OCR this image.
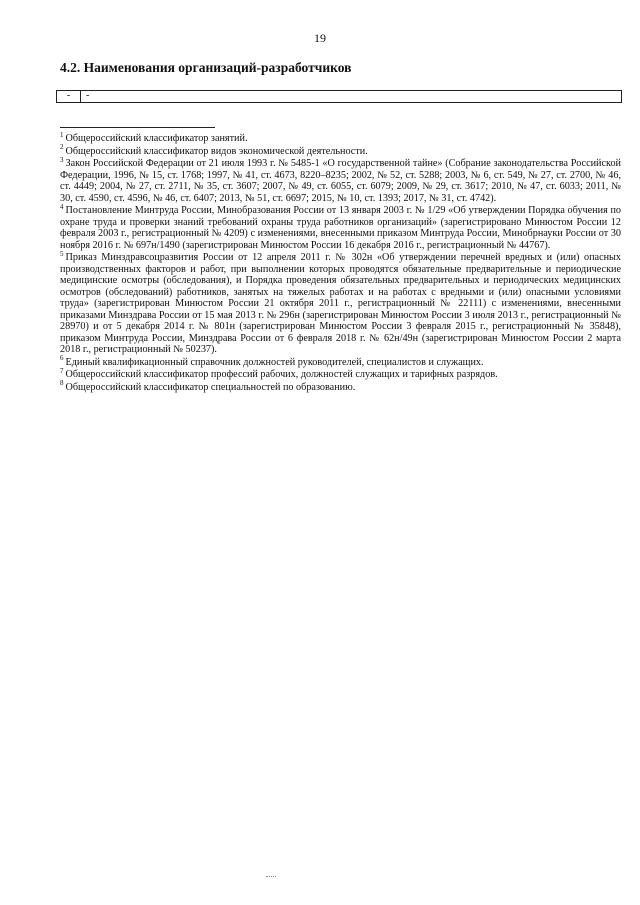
19
4.2. Наименования организаций-разработчиков
-	-

$^1$ Общероссийский классификатор занятий.

$^2$ Общероссийский классификатор видов экономической деятельности.

$^3$ Закон Российской Федерации от 21 июля 1993 г. № 5485-1 «О государственной тайне» (Собрание законодательства Российской Федерации, 1996, № 15, ст. 1768; 1997, № 41, ст. 4673, 8220–8235; 2002, № 52, ст. 5288; 2003, № 6, ст. 549, № 27, ст. 2700, № 46, ст. 4449; 2004, № 27, ст. 2711, № 35, ст. 3607; 2007, № 49, ст. 6055, ст. 6079; 2009, № 29, ст. 3617; 2010, № 47, ст. 6033; 2011, № 30, ст. 4590, ст. 4596, № 46, ст. 6407; 2013, № 51, ст. 6697; 2015, № 10, ст. 1393; 2017, № 31, ст. 4742).

$^4$ Постановление Минтруда России, Минобразования России от 13 января 2003 г. № 1/29 «Об утверждении Порядка обучения по охране труда и проверки знаний требований охраны труда работников организаций» (зарегистрировано Минюстом России 12 февраля 2003 г., регистрационный № 4209) с изменениями, внесенными приказом Минтруда России, Минобрнауки России от 30 ноября 2016 г. № 697н/1490 (зарегистрирован Минюстом России 16 декабря 2016 г., регистрационный № 44767).

$^5$ Приказ Минздравсоцразвития России от 12 апреля 2011 г. № 302н «Об утверждении перечней вредных и (или) опасных производственных факторов и работ, при выполнении которых проводятся обязательные предварительные и периодические медицинские осмотры (обследования), и Порядка проведения обязательных предварительных и периодических медицинских осмотров (обследований) работников, занятых на тяжелых работах и на работах с вредными и (или) опасными условиями труда» (зарегистрирован Минюстом России 21 октября 2011 г., регистрационный № 22111) с изменениями, внесенными приказами Минздрава России от 15 мая 2013 г. № 296н (зарегистрирован Минюстом России 3 июля 2013 г., регистрационный № 28970) и от 5 декабря 2014 г. № 801н (зарегистрирован Минюстом России 3 февраля 2015 г., регистрационный № 35848), приказом Минтруда России, Минздрава России от 6 февраля 2018 г. № 62н/49н (зарегистрирован Минюстом России 2 марта 2018 г., регистрационный № 50237).

$^6$ Единый квалификационный справочник должностей руководителей, специалистов и служащих.

$^7$ Общероссийский классификатор профессий рабочих, должностей служащих и тарифных разрядов.

$^8$ Общероссийский классификатор специальностей по образованию.
